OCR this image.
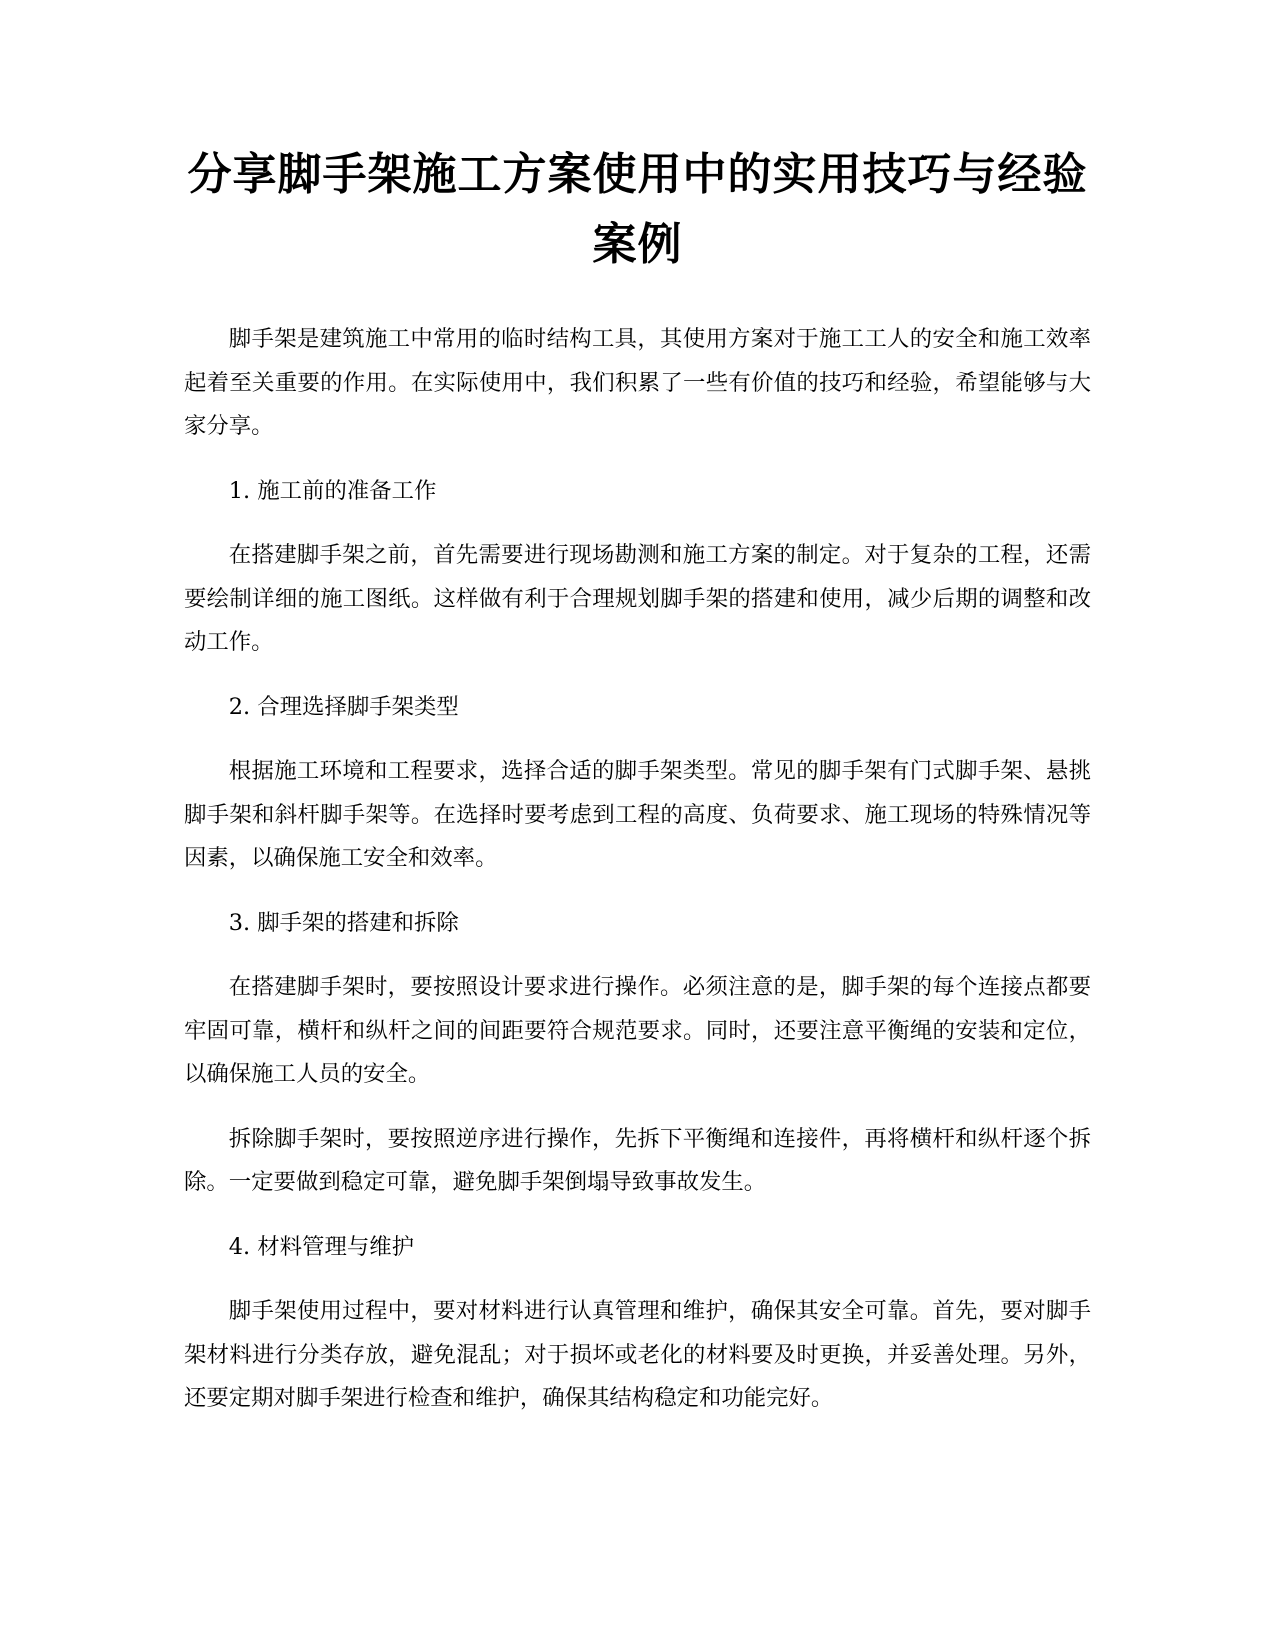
分享脚手架施工方案使用中的实用技巧与经验案例

脚手架是建筑施工中常用的临时结构工具，其使用方案对于施工工人的安全和施工效率起着至关重要的作用。在实际使用中，我们积累了一些有价值的技巧和经验，希望能够与大家分享。

1. 施工前的准备工作

在搭建脚手架之前，首先需要进行现场勘测和施工方案的制定。对于复杂的工程，还需要绘制详细的施工图纸。这样做有利于合理规划脚手架的搭建和使用，减少后期的调整和改动工作。

2. 合理选择脚手架类型

根据施工环境和工程要求，选择合适的脚手架类型。常见的脚手架有门式脚手架、悬挑脚手架和斜杆脚手架等。在选择时要考虑到工程的高度、负荷要求、施工现场的特殊情况等因素，以确保施工安全和效率。

3. 脚手架的搭建和拆除

在搭建脚手架时，要按照设计要求进行操作。必须注意的是，脚手架的每个连接点都要牢固可靠，横杆和纵杆之间的间距要符合规范要求。同时，还要注意平衡绳的安装和定位，以确保施工人员的安全。

拆除脚手架时，要按照逆序进行操作，先拆下平衡绳和连接件，再将横杆和纵杆逐个拆除。一定要做到稳定可靠，避免脚手架倒塌导致事故发生。

4. 材料管理与维护

脚手架使用过程中，要对材料进行认真管理和维护，确保其安全可靠。首先，要对脚手架材料进行分类存放，避免混乱；对于损坏或老化的材料要及时更换，并妥善处理。另外，还要定期对脚手架进行检查和维护，确保其结构稳定和功能完好。
